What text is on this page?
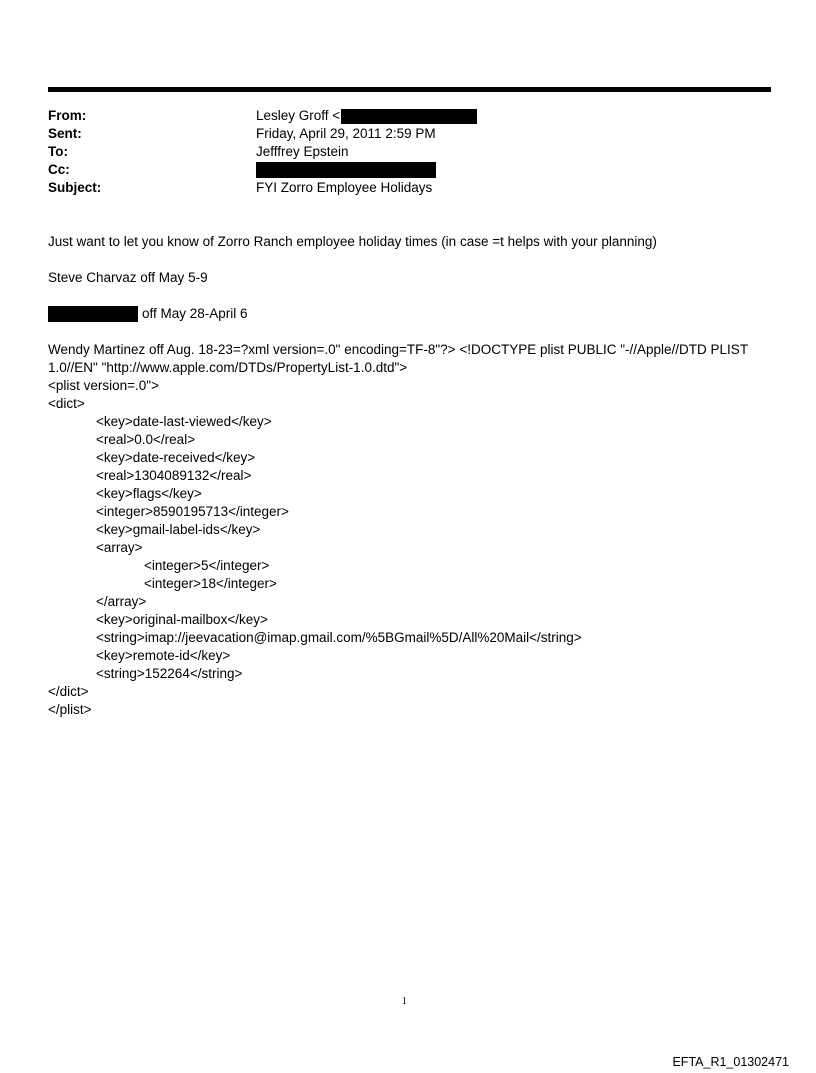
From:	Lesley Groff <
Sent:	Friday, April 29, 2011 2:59 PM
To:	Jefffrey Epstein
Cc:
Subject:	FYI Zorro Employee Holidays
Just want to let you know of Zorro Ranch employee holiday times (in case =t helps with your planning)
Steve Charvaz off May 5-9
off May 28-April 6
Wendy Martinez off Aug. 18-23=?xml version=.0" encoding=TF-8"?> <!DOCTYPE plist PUBLIC "-//Apple//DTD PLIST
1.0//EN" "http://www.apple.com/DTDs/PropertyList-1.0.dtd">
<plist version=.0">
<dict>
<key>date-last-viewed</key>
<real>0.0</real>
<key>date-received</key>
<real>1304089132</real>
<key>flags</key>
<integer>8590195713</integer>
<key>gmail-label-ids</key>
<array>
<integer>5</integer>
<integer>18</integer>
</array>
<key>original-mailbox</key>
<string>imap://jeevacation@imap.gmail.com/%5BGmail%5D/All%20Mail</string>
<key>remote-id</key>
<string>152264</string>
</dict>
</plist>
1
EFTA_R1_01302471
